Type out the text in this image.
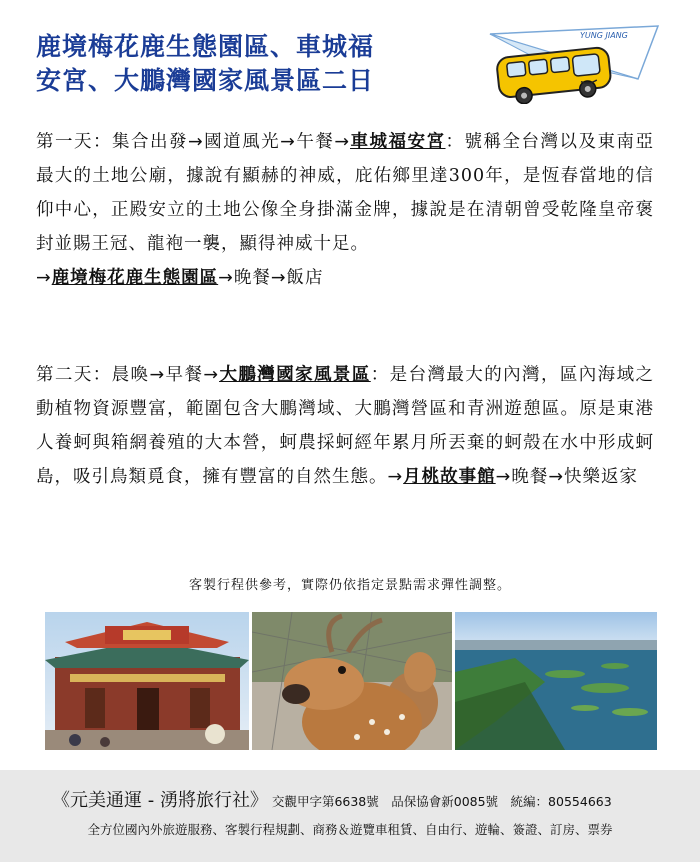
鹿境梅花鹿生態園區、車城福
安宮、大鵬灣國家風景區二日
YUNG JIANG

第一天：集合出發→國道風光→午餐→車城福安宮：號稱全台灣以及東南亞最大的土地公廟，據說有顯赫的神威，庇佑鄉里達300年，是恆春當地的信仰中心，正殿安立的土地公像全身掛滿金牌，據說是在清朝曾受乾隆皇帝褒封並賜王冠、龍袍一襲，顯得神威十足。
→鹿境梅花鹿生態園區→晚餐→飯店

第二天：晨喚→早餐→大鵬灣國家風景區：是台灣最大的內灣，區內海域之動植物資源豐富，範圍包含大鵬灣域、大鵬灣營區和青洲遊憩區。原是東港人養蚵與箱網養殖的大本營，蚵農採蚵經年累月所丟棄的蚵殼在水中形成蚵島，吸引鳥類覓食，擁有豐富的自然生態。→月桃故事館→晚餐→快樂返家

客製行程供參考，實際仍依指定景點需求彈性調整。

《元美通運 - 湧將旅行社》 交觀甲字第6638號　品保協會新0085號　統編：80554663

全方位國內外旅遊服務、客製行程規劃、商務＆遊覽車租賃、自由行、遊輪、簽證、訂房、票券
